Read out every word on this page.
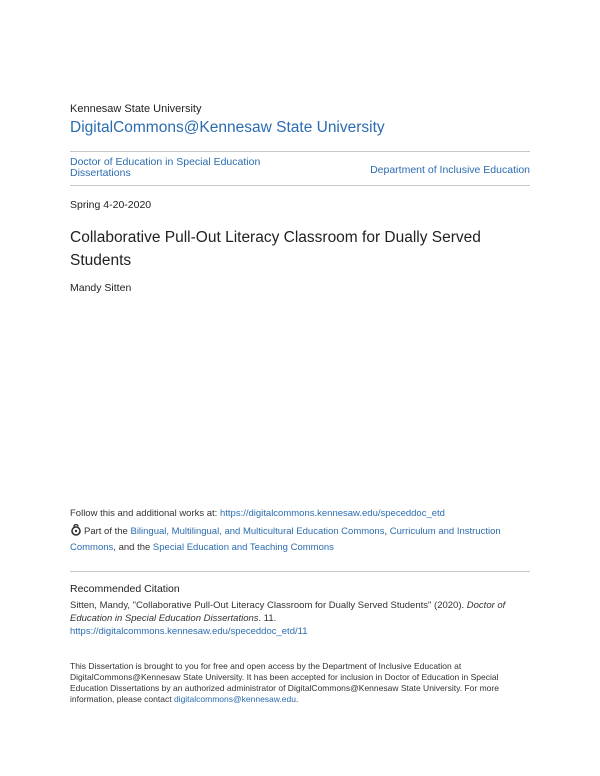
Kennesaw State University
DigitalCommons@Kennesaw State University
Doctor of Education in Special Education Dissertations	Department of Inclusive Education
Spring 4-20-2020
Collaborative Pull-Out Literacy Classroom for Dually Served Students
Mandy Sitten
Follow this and additional works at: https://digitalcommons.kennesaw.edu/speceddoc_etd
Part of the Bilingual, Multilingual, and Multicultural Education Commons, Curriculum and Instruction Commons, and the Special Education and Teaching Commons
Recommended Citation
Sitten, Mandy, "Collaborative Pull-Out Literacy Classroom for Dually Served Students" (2020). Doctor of Education in Special Education Dissertations. 11.
https://digitalcommons.kennesaw.edu/speceddoc_etd/11
This Dissertation is brought to you for free and open access by the Department of Inclusive Education at DigitalCommons@Kennesaw State University. It has been accepted for inclusion in Doctor of Education in Special Education Dissertations by an authorized administrator of DigitalCommons@Kennesaw State University. For more information, please contact digitalcommons@kennesaw.edu.
